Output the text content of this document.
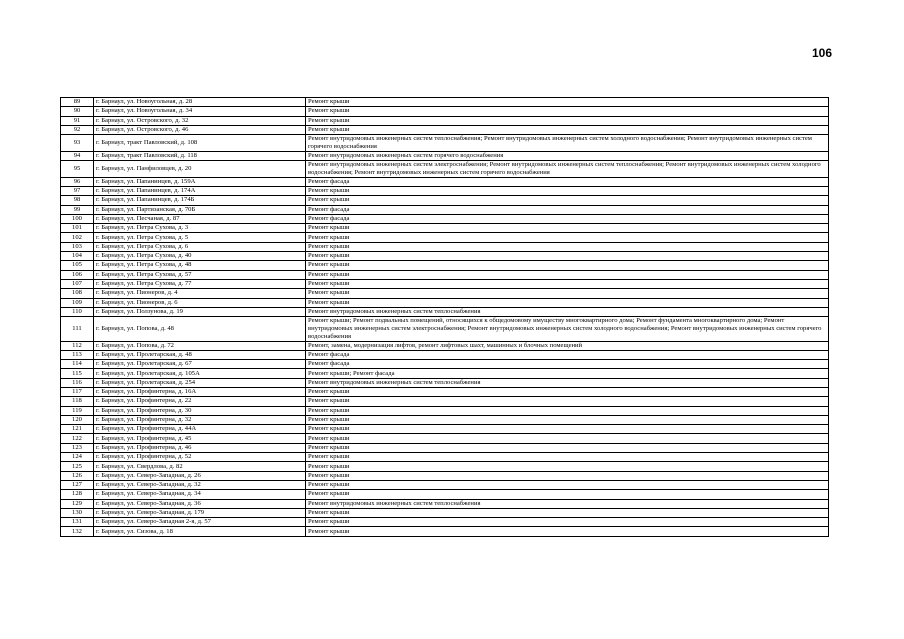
106
89	г. Барнаул, ул. Новоугольная, д. 28	Ремонт крыши
90	г. Барнаул, ул. Новоугольная, д. 34	Ремонт крыши
91	г. Барнаул, ул. Островского, д. 32	Ремонт крыши
92	г. Барнаул, ул. Островского, д. 46	Ремонт крыши
93	г. Барнаул, тракт Павловский, д. 108	Ремонт внутридомовых инженерных систем теплоснабжения; Ремонт внутридомовых инженерных систем холодного водоснабжения; Ремонт внутридомовых инженерных систем горячего водоснабжения
94	г. Барнаул, тракт Павловский, д. 118	Ремонт внутридомовых инженерных систем горячего водоснабжения
95	г. Барнаул, ул. Панфиловцев, д. 20	Ремонт внутридомовых инженерных систем электроснабжения; Ремонт внутридомовых инженерных систем теплоснабжения; Ремонт внутридомовых инженерных систем холодного водоснабжения; Ремонт внутридомовых инженерных систем горячего водоснабжения
96	г. Барнаул, ул. Папанинцев, д. 159А	Ремонт фасада
97	г. Барнаул, ул. Папанинцев, д. 174А	Ремонт крыши
98	г. Барнаул, ул. Папанинцев, д. 174Б	Ремонт крыши
99	г. Барнаул, ул. Партизанская, д. 70Б	Ремонт фасада
100	г. Барнаул, ул. Песчаная, д. 87	Ремонт фасада
101	г. Барнаул, ул. Петра Сухова, д. 3	Ремонт крыши
102	г. Барнаул, ул. Петра Сухова, д. 5	Ремонт крыши
103	г. Барнаул, ул. Петра Сухова, д. 6	Ремонт крыши
104	г. Барнаул, ул. Петра Сухова, д. 40	Ремонт крыши
105	г. Барнаул, ул. Петра Сухова, д. 48	Ремонт крыши
106	г. Барнаул, ул. Петра Сухова, д. 57	Ремонт крыши
107	г. Барнаул, ул. Петра Сухова, д. 77	Ремонт крыши
108	г. Барнаул, ул. Пионеров, д. 4	Ремонт крыши
109	г. Барнаул, ул. Пионеров, д. 6	Ремонт крыши
110	г. Барнаул, ул. Ползунова, д. 19	Ремонт внутридомовых инженерных систем теплоснабжения
111	г. Барнаул, ул. Попова, д. 48	Ремонт крыши; Ремонт подвальных помещений, относящихся к общедомовому имуществу многоквартирного дома; Ремонт фундамента многоквартирного дома; Ремонт внутридомовых инженерных систем электроснабжения; Ремонт внутридомовых инженерных систем холодного водоснабжения; Ремонт внутридомовых инженерных систем горячего водоснабжения
112	г. Барнаул, ул. Попова, д. 72	Ремонт, замена, модернизация лифтов, ремонт лифтовых шахт, машинных и блочных помещений
113	г. Барнаул, ул. Пролетарская, д. 48	Ремонт фасада
114	г. Барнаул, ул. Пролетарская, д. 67	Ремонт фасада
115	г. Барнаул, ул. Пролетарская, д. 105А	Ремонт крыши; Ремонт фасада
116	г. Барнаул, ул. Пролетарская, д. 254	Ремонт внутридомовых инженерных систем теплоснабжения
117	г. Барнаул, ул. Профинтерна, д. 16А	Ремонт крыши
118	г. Барнаул, ул. Профинтерна, д. 22	Ремонт крыши
119	г. Барнаул, ул. Профинтерна, д. 30	Ремонт крыши
120	г. Барнаул, ул. Профинтерна, д. 32	Ремонт крыши
121	г. Барнаул, ул. Профинтерна, д. 44А	Ремонт крыши
122	г. Барнаул, ул. Профинтерна, д. 45	Ремонт крыши
123	г. Барнаул, ул. Профинтерна, д. 46	Ремонт крыши
124	г. Барнаул, ул. Профинтерна, д. 52	Ремонт крыши
125	г. Барнаул, ул. Свердлова, д. 82	Ремонт крыши
126	г. Барнаул, ул. Северо-Западная, д. 26	Ремонт крыши
127	г. Барнаул, ул. Северо-Западная, д. 32	Ремонт крыши
128	г. Барнаул, ул. Северо-Западная, д. 34	Ремонт крыши
129	г. Барнаул, ул. Северо-Западная, д. 36	Ремонт внутридомовых инженерных систем теплоснабжения
130	г. Барнаул, ул. Северо-Западная, д. 179	Ремонт крыши
131	г. Барнаул, ул. Северо-Западная 2-я, д. 57	Ремонт крыши
132	г. Барнаул, ул. Сизова, д. 18	Ремонт крыши
